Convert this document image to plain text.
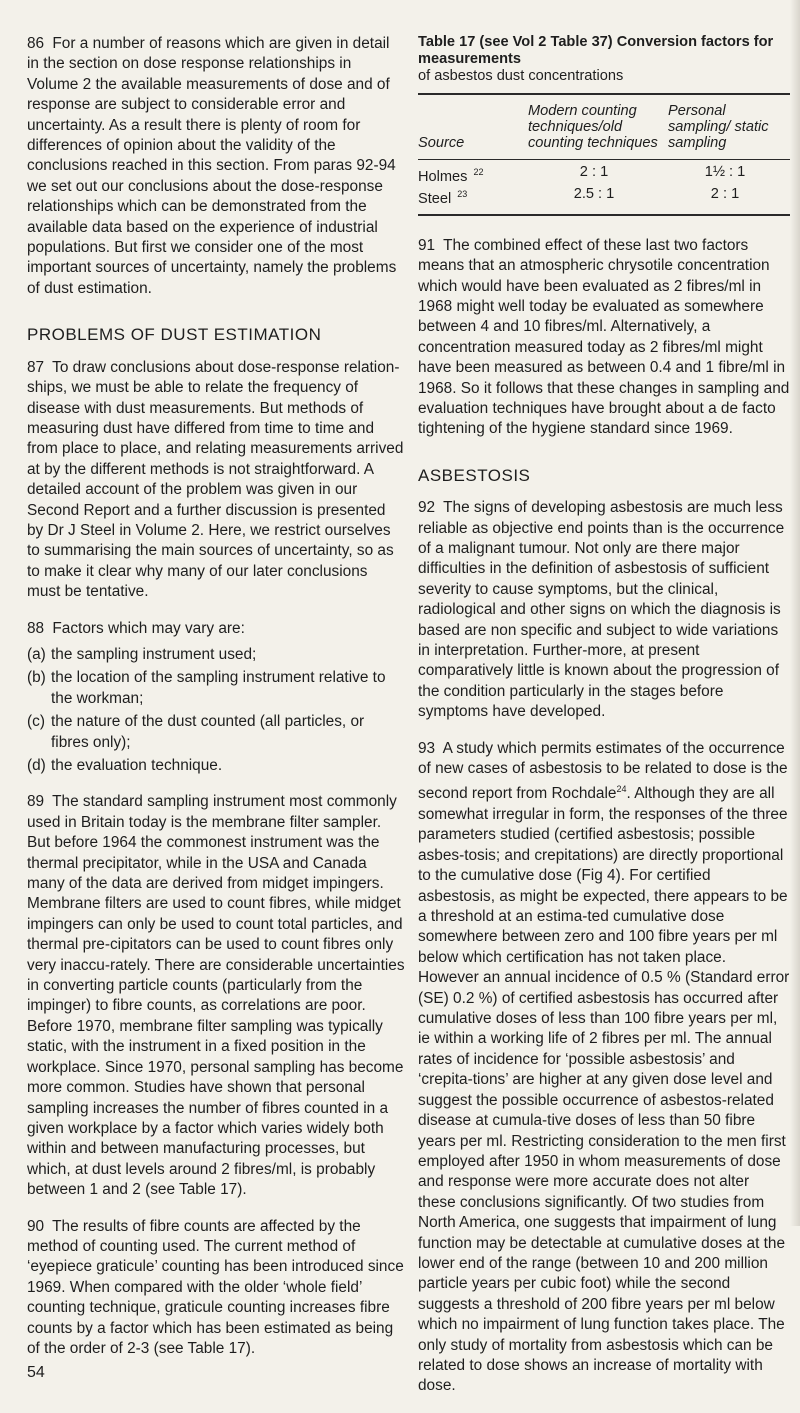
86 For a number of reasons which are given in detail in the section on dose response relationships in Volume 2 the available measurements of dose and of response are subject to considerable error and uncertainty. As a result there is plenty of room for differences of opinion about the validity of the conclusions reached in this section. From paras 92-94 we set out our conclusions about the dose-response relationships which can be demonstrated from the available data based on the experience of industrial populations. But first we consider one of the most important sources of uncertainty, namely the problems of dust estimation.

PROBLEMS OF DUST ESTIMATION

87 To draw conclusions about dose-response relation-ships, we must be able to relate the frequency of disease with dust measurements. But methods of measuring dust have differed from time to time and from place to place, and relating measurements arrived at by the different methods is not straightforward. A detailed account of the problem was given in our Second Report and a further discussion is presented by Dr J Steel in Volume 2. Here, we restrict ourselves to summarising the main sources of uncertainty, so as to make it clear why many of our later conclusions must be tentative.

88 Factors which may vary are:

(a) the sampling instrument used;
(b) the location of the sampling instrument relative to the workman;
(c) the nature of the dust counted (all particles, or fibres only);
(d) the evaluation technique.

89 The standard sampling instrument most commonly used in Britain today is the membrane filter sampler. But before 1964 the commonest instrument was the thermal precipitator, while in the USA and Canada many of the data are derived from midget impingers. Membrane filters are used to count fibres, while midget impingers can only be used to count total particles, and thermal pre-cipitators can be used to count fibres only very inaccu-rately. There are considerable uncertainties in converting particle counts (particularly from the impinger) to fibre counts, as correlations are poor. Before 1970, membrane filter sampling was typically static, with the instrument in a fixed position in the workplace. Since 1970, personal sampling has become more common. Studies have shown that personal sampling increases the number of fibres counted in a given workplace by a factor which varies widely both within and between manufacturing processes, but which, at dust levels around 2 fibres/ml, is probably between 1 and 2 (see Table 17).

90 The results of fibre counts are affected by the method of counting used. The current method of ‘eyepiece graticule’ counting has been introduced since 1969. When compared with the older ‘whole field’ counting technique, graticule counting increases fibre counts by a factor which has been estimated as being of the order of 2-3 (see Table 17).

54
Table 17 (see Vol 2 Table 37) Conversion factors for measurements
of asbestos dust concentrations
Source
Modern counting techniques/old counting techniques
Personal sampling/ static sampling
Holmes $^{22}$	2 : 1	1½ : 1
Steel $^{23}$	2.5 : 1	2 : 1

91 The combined effect of these last two factors means that an atmospheric chrysotile concentration which would have been evaluated as 2 fibres/ml in 1968 might well today be evaluated as somewhere between 4 and 10 fibres/ml. Alternatively, a concentration measured today as 2 fibres/ml might have been measured as between 0.4 and 1 fibre/ml in 1968. So it follows that these changes in sampling and evaluation techniques have brought about a de facto tightening of the hygiene standard since 1969.

ASBESTOSIS

92 The signs of developing asbestosis are much less reliable as objective end points than is the occurrence of a malignant tumour. Not only are there major difficulties in the definition of asbestosis of sufficient severity to cause symptoms, but the clinical, radiological and other signs on which the diagnosis is based are non specific and subject to wide variations in interpretation. Further-more, at present comparatively little is known about the progression of the condition particularly in the stages before symptoms have developed.

93 A study which permits estimates of the occurrence of new cases of asbestosis to be related to dose is the second report from Rochdale$^{24}$. Although they are all somewhat irregular in form, the responses of the three parameters studied (certified asbestosis; possible asbes-tosis; and crepitations) are directly proportional to the cumulative dose (Fig 4). For certified asbestosis, as might be expected, there appears to be a threshold at an estima-ted cumulative dose somewhere between zero and 100 fibre years per ml below which certification has not taken place. However an annual incidence of 0.5 % (Standard error (SE) 0.2 %) of certified asbestosis has occurred after cumulative doses of less than 100 fibre years per ml, ie within a working life of 2 fibres per ml. The annual rates of incidence for ‘possible asbestosis’ and ‘crepita-tions’ are higher at any given dose level and suggest the possible occurrence of asbestos-related disease at cumula-tive doses of less than 50 fibre years per ml. Restricting consideration to the men first employed after 1950 in whom measurements of dose and response were more accurate does not alter these conclusions significantly. Of two studies from North America, one suggests that impairment of lung function may be detectable at cumulative doses at the lower end of the range (between 10 and 200 million particle years per cubic foot) while the second suggests a threshold of 200 fibre years per ml below which no impairment of lung function takes place. The only study of mortality from asbestosis which can be related to dose shows an increase of mortality with dose.
